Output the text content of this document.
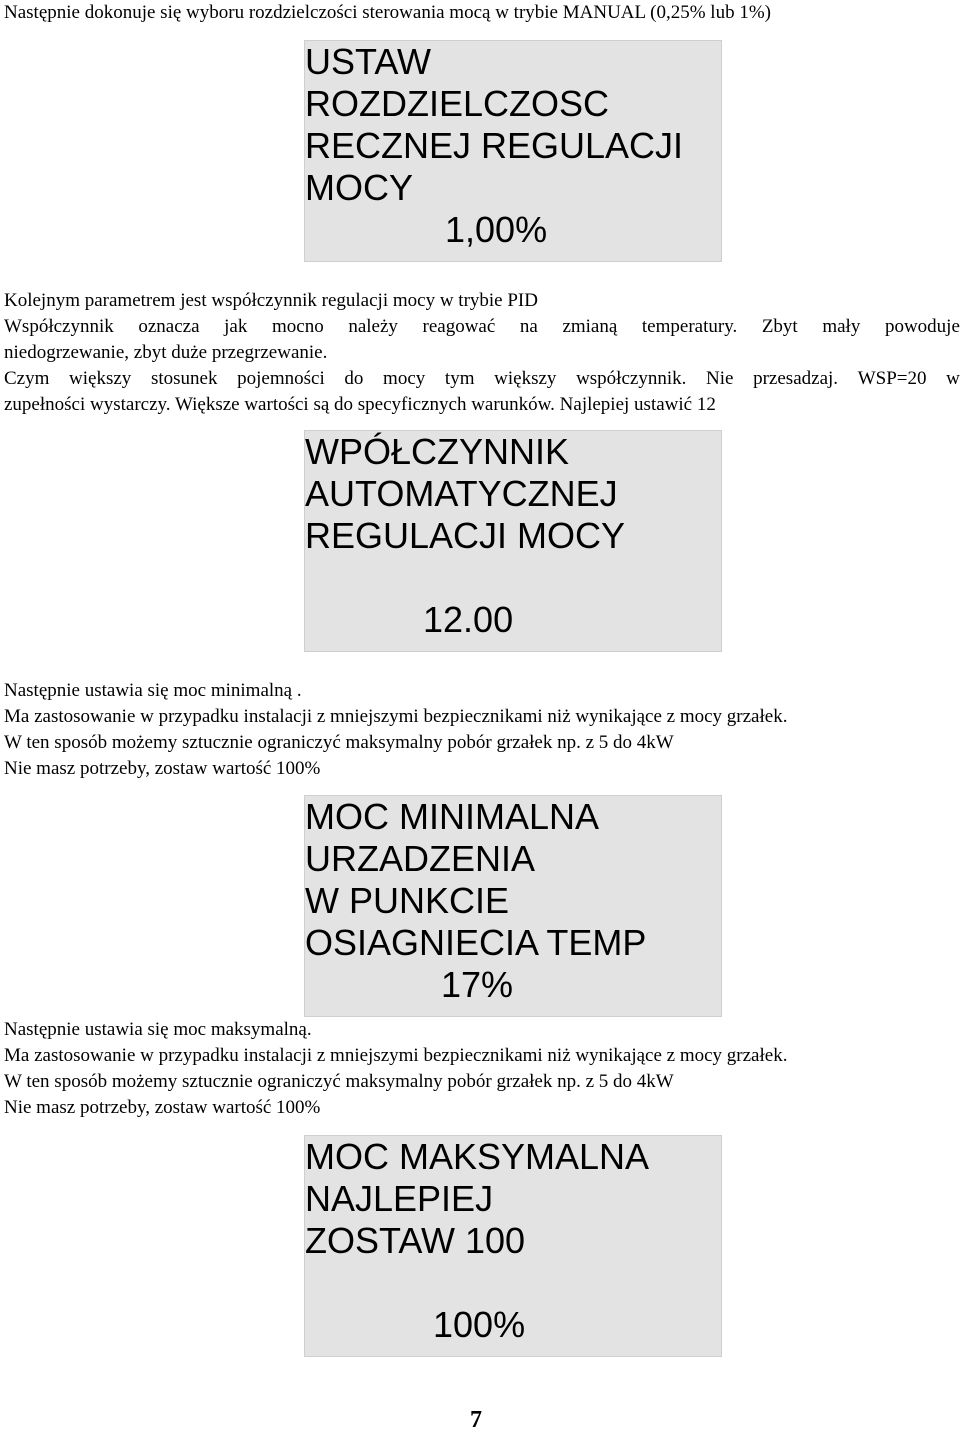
Następnie dokonuje się wyboru rozdzielczości sterowania mocą w trybie MANUAL (0,25% lub 1%)
USTAW
ROZDZIELCZOSC
RECZNEJ REGULACJI
MOCY
1,00%
Kolejnym parametrem jest współczynnik regulacji mocy w trybie PID
Współczynnik oznacza jak mocno należy reagować na zmianą temperatury. Zbyt mały powoduje
niedogrzewanie, zbyt duże przegrzewanie.
Czym większy stosunek pojemności do mocy tym większy współczynnik. Nie przesadzaj. WSP=20 w
zupełności wystarczy. Większe wartości są do specyficznych warunków. Najlepiej ustawić 12
WPÓŁCZYNNIK
AUTOMATYCZNEJ
REGULACJI MOCY
12.00
Następnie ustawia się moc minimalną .
Ma zastosowanie w przypadku instalacji z mniejszymi bezpiecznikami niż wynikające z mocy grzałek.
W ten sposób możemy sztucznie ograniczyć maksymalny pobór grzałek np. z 5 do 4kW
Nie masz potrzeby, zostaw wartość 100%
MOC MINIMALNA
URZADZENIA
W PUNKCIE
OSIAGNIECIA TEMP
17%
Następnie ustawia się moc maksymalną.
Ma zastosowanie w przypadku instalacji z mniejszymi bezpiecznikami niż wynikające z mocy grzałek.
W ten sposób możemy sztucznie ograniczyć maksymalny pobór grzałek np. z 5 do 4kW
Nie masz potrzeby, zostaw wartość 100%
MOC MAKSYMALNA
NAJLEPIEJ
ZOSTAW 100
100%
7
